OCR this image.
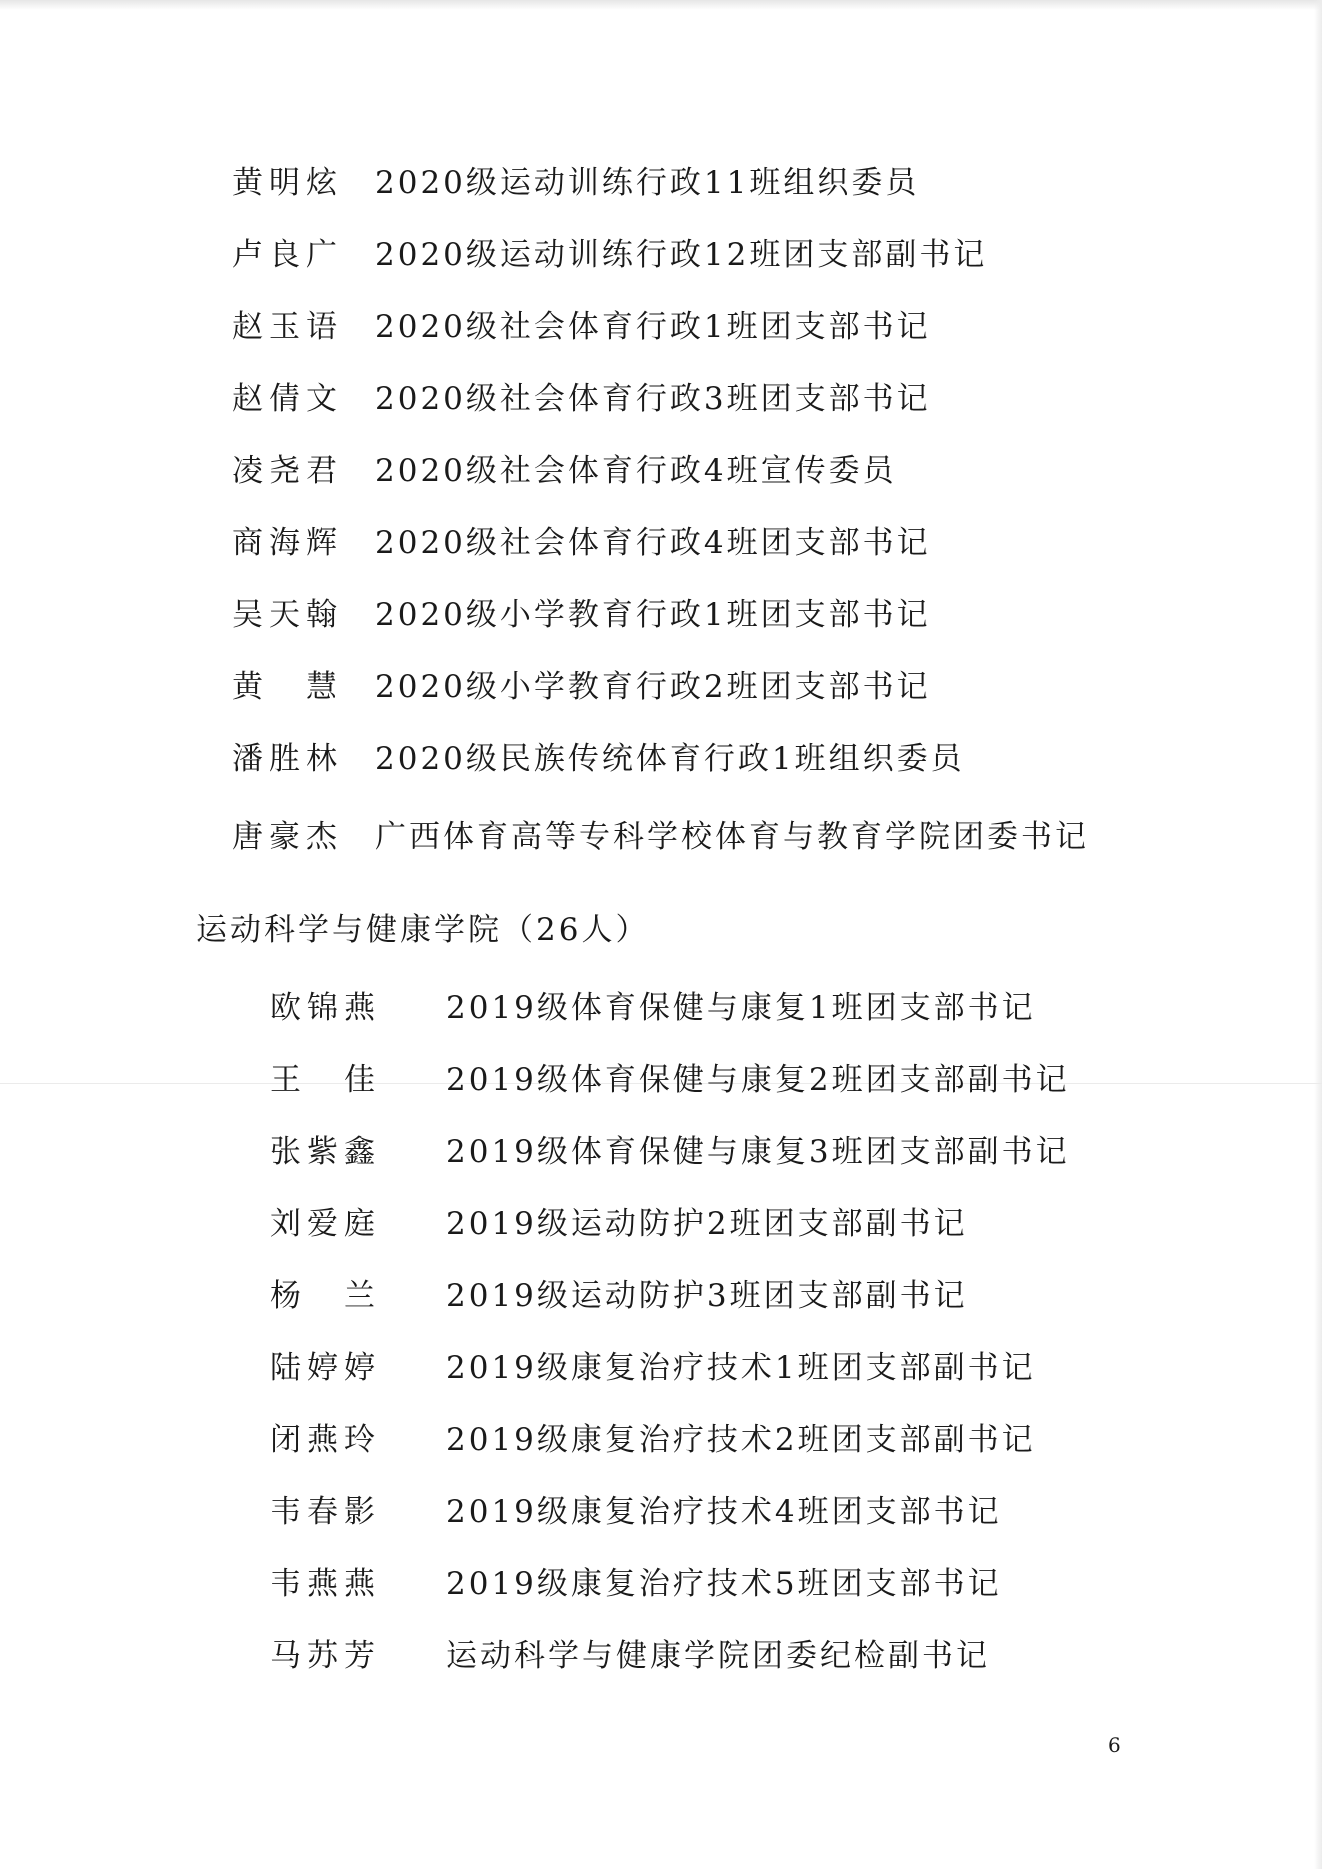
黄明炫 2020级运动训练行政11班组织委员
卢良广 2020级运动训练行政12班团支部副书记
赵玉语 2020级社会体育行政1班团支部书记
赵倩文 2020级社会体育行政3班团支部书记
凌尧君 2020级社会体育行政4班宣传委员
商海辉 2020级社会体育行政4班团支部书记
吴天翰 2020级小学教育行政1班团支部书记
黄　慧 2020级小学教育行政2班团支部书记
潘胜林 2020级民族传统体育行政1班组织委员
唐豪杰 广西体育高等专科学校体育与教育学院团委书记
运动科学与健康学院（26人）
欧锦燕 2019级体育保健与康复1班团支部书记
王　佳 2019级体育保健与康复2班团支部副书记
张紫鑫 2019级体育保健与康复3班团支部副书记
刘爱庭 2019级运动防护2班团支部副书记
杨　兰 2019级运动防护3班团支部副书记
陆婷婷 2019级康复治疗技术1班团支部副书记
闭燕玲 2019级康复治疗技术2班团支部副书记
韦春影 2019级康复治疗技术4班团支部书记
韦燕燕 2019级康复治疗技术5班团支部书记
马苏芳 运动科学与健康学院团委纪检副书记
6
